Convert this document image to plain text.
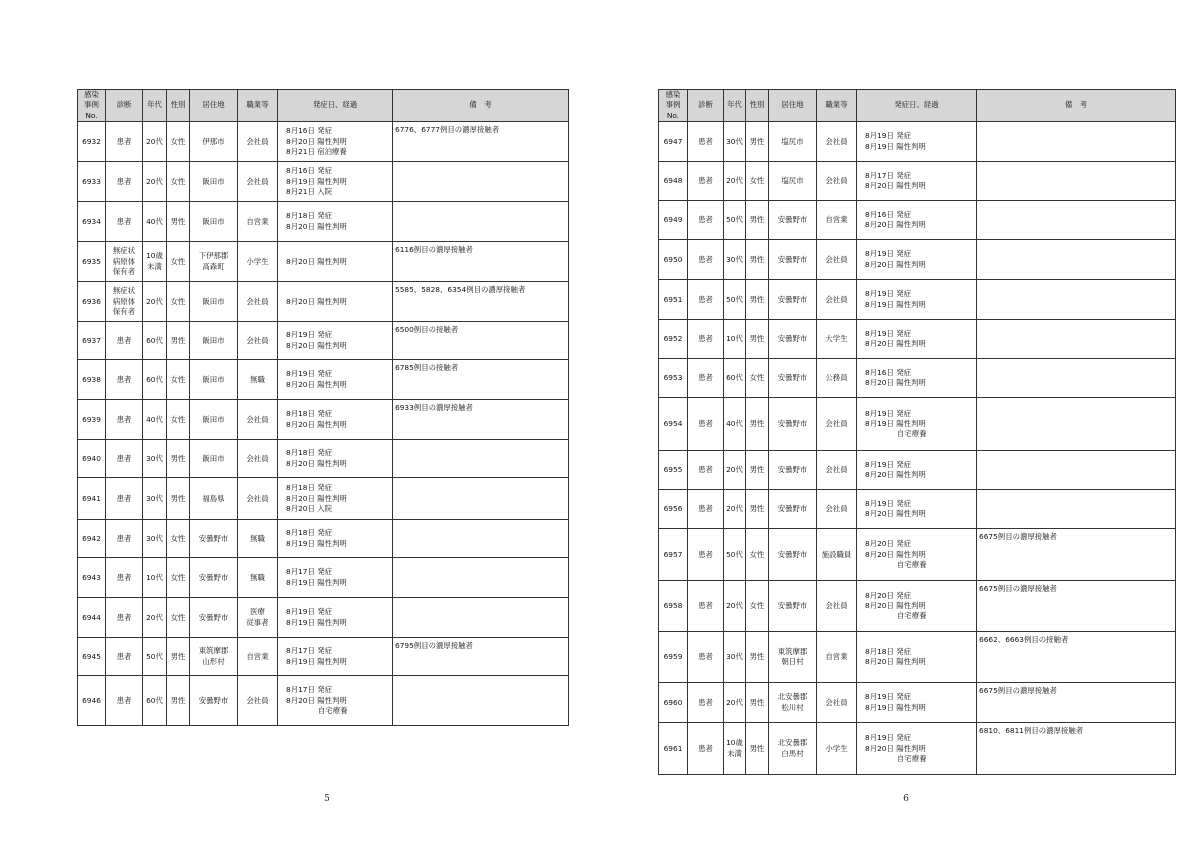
感染
事例
No.	診断	年代	性別	居住地	職業等	発症日、経過	備　考
6932	患者	20代	女性	伊那市	会社員	8月16日 発症
8月20日 陽性判明
8月21日 宿泊療養	6776、6777例目の濃厚接触者
6933	患者	20代	女性	飯田市	会社員	8月16日 発症
8月19日 陽性判明
8月21日 入院	
6934	患者	40代	男性	飯田市	自営業	8月18日 発症
8月20日 陽性判明	
6935	無症状
病原体
保有者	10歳
未満	女性	下伊那郡
高森町	小学生	8月20日 陽性判明	6116例目の濃厚接触者
6936	無症状
病原体
保有者	20代	女性	飯田市	会社員	8月20日 陽性判明	5585、5828、6354例目の濃厚接触者
6937	患者	60代	男性	飯田市	会社員	8月19日 発症
8月20日 陽性判明	6500例目の接触者
6938	患者	60代	女性	飯田市	無職	8月19日 発症
8月20日 陽性判明	6785例目の接触者
6939	患者	40代	女性	飯田市	会社員	8月18日 発症
8月20日 陽性判明	6933例目の濃厚接触者
6940	患者	30代	男性	飯田市	会社員	8月18日 発症
8月20日 陽性判明	
6941	患者	30代	男性	福島県	会社員	8月18日 発症
8月20日 陽性判明
8月20日 入院	
6942	患者	30代	女性	安曇野市	無職	8月18日 発症
8月19日 陽性判明	
6943	患者	10代	女性	安曇野市	無職	8月17日 発症
8月19日 陽性判明	
6944	患者	20代	女性	安曇野市	医療
従事者	8月19日 発症
8月19日 陽性判明	
6945	患者	50代	男性	東筑摩郡
山形村	自営業	8月17日 発症
8月19日 陽性判明	6795例目の濃厚接触者
6946	患者	60代	男性	安曇野市	会社員	8月17日 発症
8月20日 陽性判明
　　　　 自宅療養	
5
感染
事例
No.	診断	年代	性別	居住地	職業等	発症日、経過	備　考
6947	患者	30代	男性	塩尻市	会社員	8月19日 発症
8月19日 陽性判明	
6948	患者	20代	女性	塩尻市	会社員	8月17日 発症
8月20日 陽性判明	
6949	患者	50代	男性	安曇野市	自営業	8月16日 発症
8月20日 陽性判明	
6950	患者	30代	男性	安曇野市	会社員	8月19日 発症
8月20日 陽性判明	
6951	患者	50代	男性	安曇野市	会社員	8月19日 発症
8月19日 陽性判明	
6952	患者	10代	男性	安曇野市	大学生	8月19日 発症
8月20日 陽性判明	
6953	患者	60代	女性	安曇野市	公務員	8月16日 発症
8月20日 陽性判明	
6954	患者	40代	男性	安曇野市	会社員	8月19日 発症
8月19日 陽性判明
　　　　 自宅療養	
6955	患者	20代	男性	安曇野市	会社員	8月19日 発症
8月20日 陽性判明	
6956	患者	20代	男性	安曇野市	会社員	8月19日 発症
8月20日 陽性判明	
6957	患者	50代	女性	安曇野市	施設職員	8月20日 発症
8月20日 陽性判明
　　　　 自宅療養	6675例目の濃厚接触者
6958	患者	20代	女性	安曇野市	会社員	8月20日 発症
8月20日 陽性判明
　　　　 自宅療養	6675例目の濃厚接触者
6959	患者	30代	男性	東筑摩郡
朝日村	自営業	8月18日 発症
8月20日 陽性判明	6662、6663例目の接触者
6960	患者	20代	男性	北安曇郡
松川村	会社員	8月19日 発症
8月19日 陽性判明	6675例目の濃厚接触者
6961	患者	10歳
未満	男性	北安曇郡
白馬村	小学生	8月19日 発症
8月20日 陽性判明
　　　　 自宅療養	6810、6811例目の濃厚接触者
6
